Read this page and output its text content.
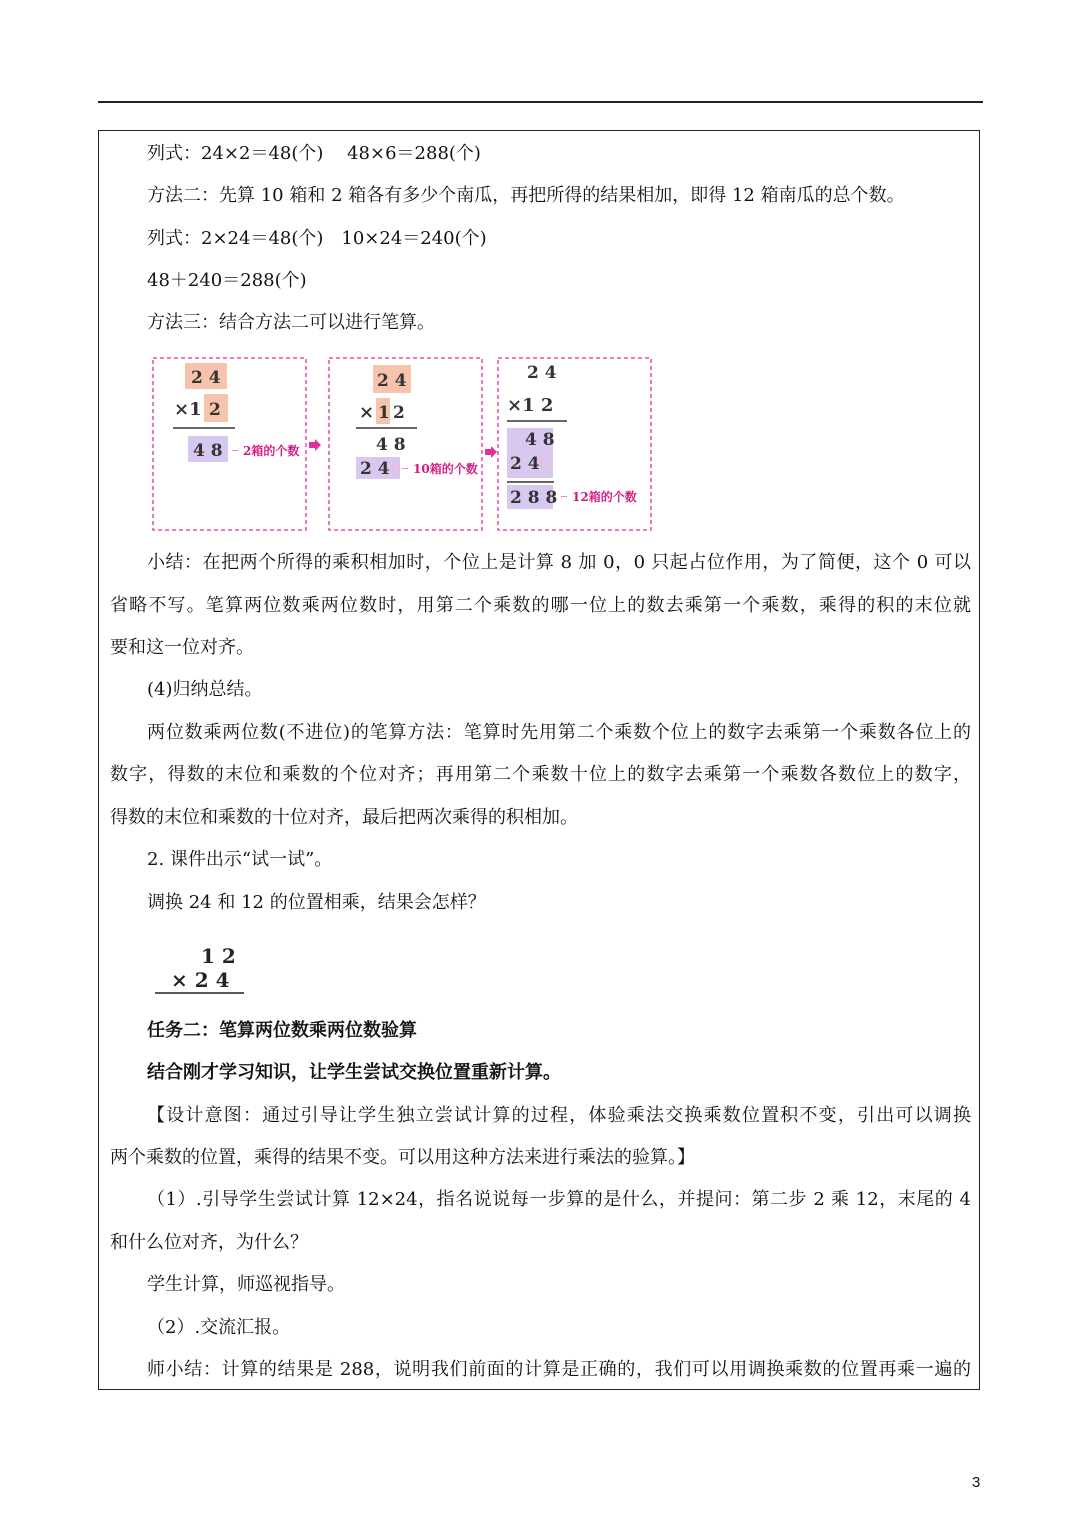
列式：24×2＝48(个)　 48×6＝288(个)
方法二：先算 10 箱和 2 箱各有多少个南瓜，再把所得的结果相加，即得 12 箱南瓜的总个数。
列式：2×24＝48(个)　10×24＝240(个)
48＋240＝288(个)
方法三：结合方法二可以进行笔算。
2 4
×1 2
4 8 ┈ 2箱的个数
2 4
× 1 2
4 8
2 4 0 ┈ 10箱的个数
2 4
×1 2
4 8
2 4 0
2 8 8 ┈ 12箱的个数
小结：在把两个所得的乘积相加时，个位上是计算 8 加 0，0 只起占位作用，为了简便，这个 0 可以
省略不写。笔算两位数乘两位数时，用第二个乘数的哪一位上的数去乘第一个乘数，乘得的积的末位就
要和这一位对齐。
(4)归纳总结。
两位数乘两位数(不进位)的笔算方法：笔算时先用第二个乘数个位上的数字去乘第一个乘数各位上的
数字，得数的末位和乘数的个位对齐；再用第二个乘数十位上的数字去乘第一个乘数各数位上的数字，
得数的末位和乘数的十位对齐，最后把两次乘得的积相加。
2. 课件出示“试一试”。
调换 24 和 12 的位置相乘，结果会怎样？
1 2
× 2 4
任务二：笔算两位数乘两位数验算
结合刚才学习知识，让学生尝试交换位置重新计算。
【设计意图：通过引导让学生独立尝试计算的过程，体验乘法交换乘数位置积不变，引出可以调换
两个乘数的位置，乘得的结果不变。可以用这种方法来进行乘法的验算。】
（1）.引导学生尝试计算 12×24，指名说说每一步算的是什么，并提问：第二步 2 乘 12，末尾的 4
和什么位对齐，为什么？
学生计算，师巡视指导。
（2）.交流汇报。
师小结：计算的结果是 288，说明我们前面的计算是正确的，我们可以用调换乘数的位置再乘一遍的
3
